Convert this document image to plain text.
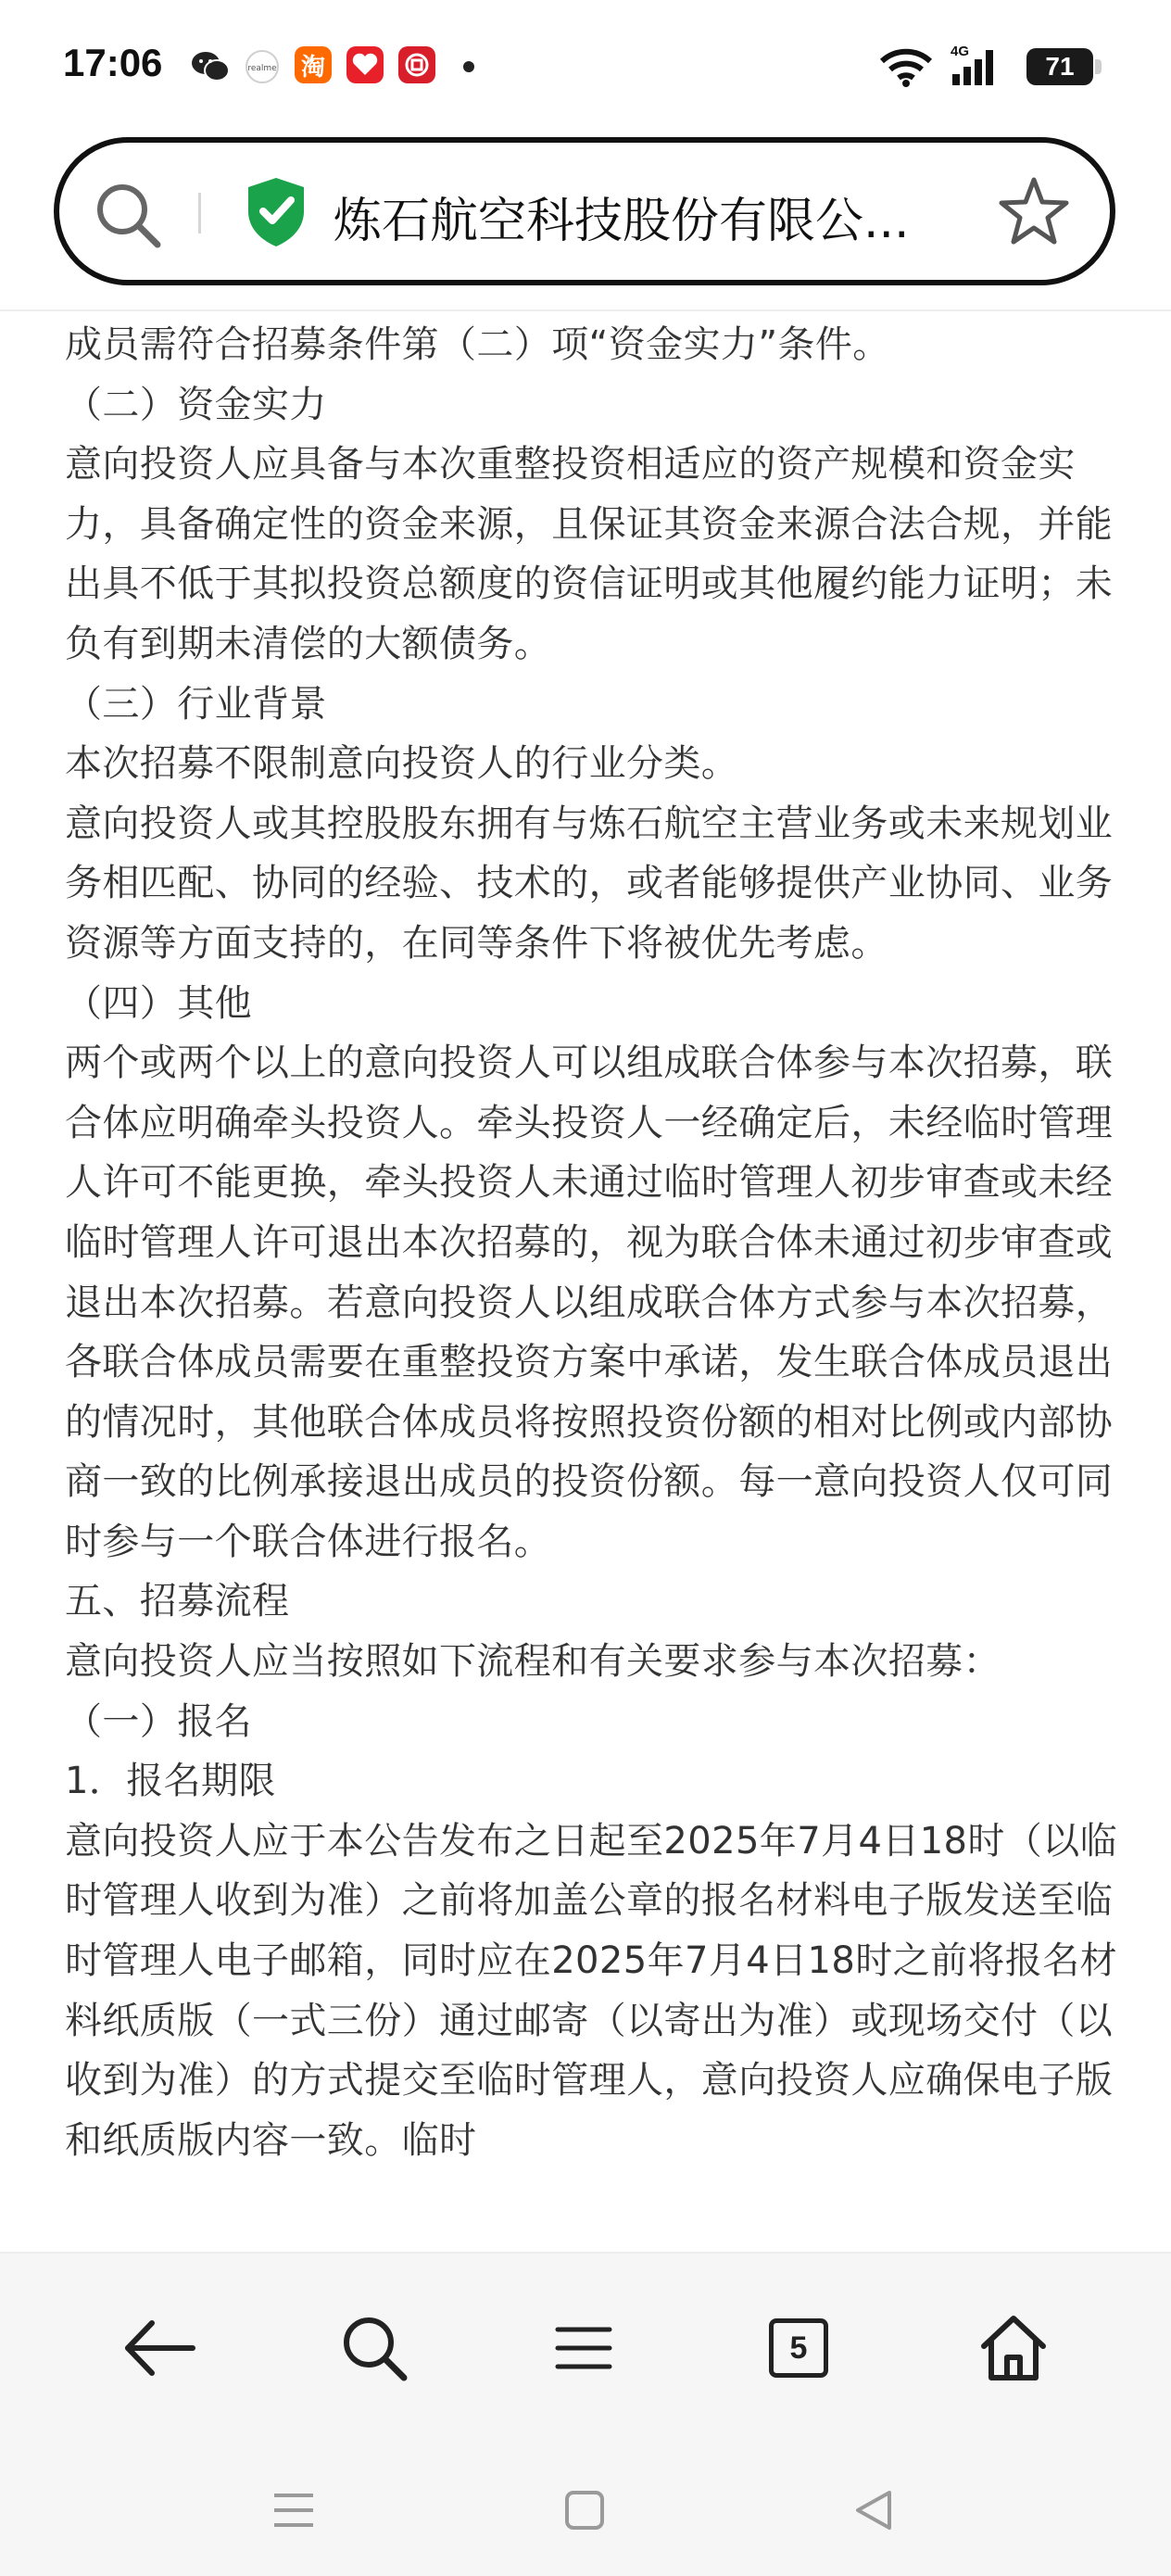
17:06	realme 淘
4G
71
炼石航空科技股份有限公...
成员需符合招募条件第（二）项“资金实力”条件。
（二）资金实力
意向投资人应具备与本次重整投资相适应的资产规模和资金实力，具备确定性的资金来源，且保证其资金来源合法合规，并能出具不低于其拟投资总额度的资信证明或其他履约能力证明；未负有到期未清偿的大额债务。
（三）行业背景
本次招募不限制意向投资人的行业分类。
意向投资人或其控股股东拥有与炼石航空主营业务或未来规划业务相匹配、协同的经验、技术的，或者能够提供产业协同、业务资源等方面支持的，在同等条件下将被优先考虑。
（四）其他
两个或两个以上的意向投资人可以组成联合体参与本次招募，联合体应明确牵头投资人。牵头投资人一经确定后，未经临时管理人许可不能更换，牵头投资人未通过临时管理人初步审查或未经临时管理人许可退出本次招募的，视为联合体未通过初步审查或退出本次招募。若意向投资人以组成联合体方式参与本次招募，各联合体成员需要在重整投资方案中承诺，发生联合体成员退出的情况时，其他联合体成员将按照投资份额的相对比例或内部协商一致的比例承接退出成员的投资份额。每一意向投资人仅可同时参与一个联合体进行报名。
五、招募流程
意向投资人应当按照如下流程和有关要求参与本次招募：
（一）报名
1．报名期限
意向投资人应于本公告发布之日起至2025年7月4日18时（以临时管理人收到为准）之前将加盖公章的报名材料电子版发送至临时管理人电子邮箱，同时应在2025年7月4日18时之前将报名材料纸质版（一式三份）通过邮寄（以寄出为准）或现场交付（以收到为准）的方式提交至临时管理人，意向投资人应确保电子版和纸质版内容一致。临时
5
